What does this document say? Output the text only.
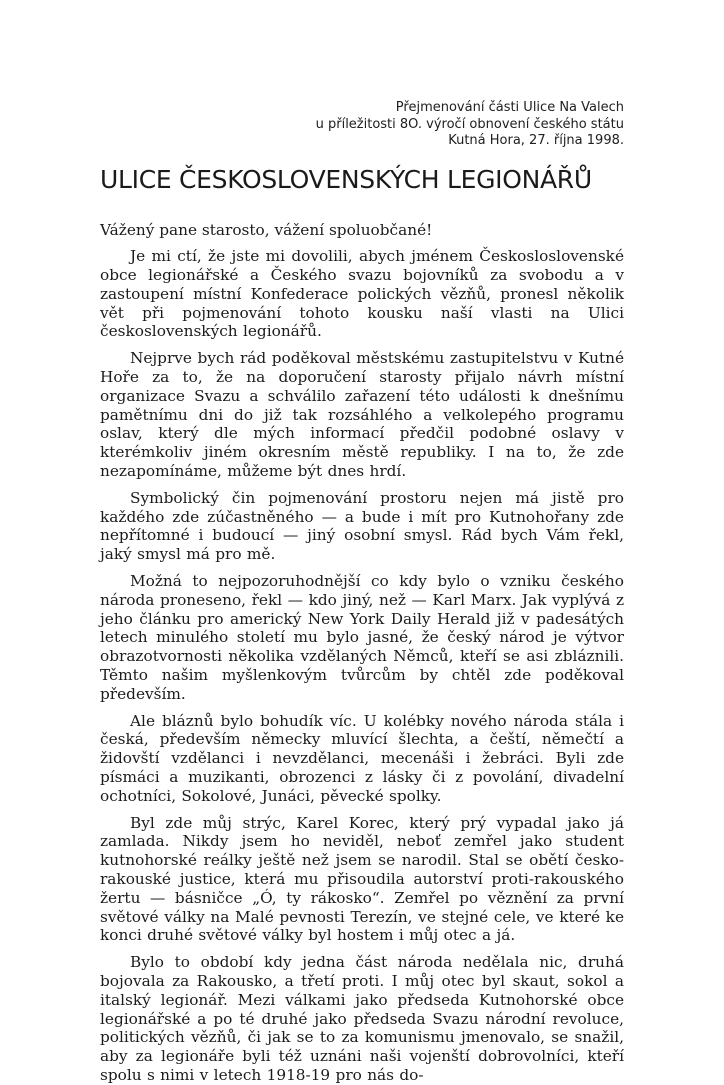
Přejmenování části Ulice Na Valech
u příležitosti 8O. výročí obnovení českého státu
Kutná Hora, 27. října 1998.
ULICE ČESKOSLOVENSKÝCH LEGIONÁŘŮ

Vážený pane starosto, vážení spoluobčané!

Je mi ctí, že jste mi dovolili, abych jménem Českosloslovenské obce legionářské a Českého svazu bojovníků za svobodu a v zastoupení místní Konfederace polických vězňů, pronesl několik vět při pojmenování tohoto kousku naší vlasti na Ulici československých legionářů.

Nejprve bych rád poděkoval městskému zastupitelstvu v Kutné Hoře za to, že na doporučení starosty přijalo návrh místní organizace Svazu a schválilo zařazení této události k dnešnímu pamětnímu dni do již tak rozsáhlého a velkolepého programu oslav, který dle mých informací předčil podobné oslavy v kterémkoliv jiném okresním městě republiky. I na to, že zde nezapomínáme, můžeme být dnes hrdí.

Symbolický čin pojmenování prostoru nejen má jistě pro každého zde zúčastněného — a bude i mít pro Kutnohořany zde nepřítomné i budoucí — jiný osobní smysl. Rád bych Vám řekl, jaký smysl má pro mě.

Možná to nejpozoruhodnější co kdy bylo o vzniku českého národa proneseno, řekl — kdo jiný, než — Karl Marx. Jak vyplývá z jeho článku pro americký New York Daily Herald již v padesátých letech minulého století mu bylo jasné, že český národ je výtvor obrazotvornosti několika vzdělaných Němců, kteří se asi zbláznili. Těmto našim myšlenkovým tvůrcům by chtěl zde poděkoval především.

Ale bláznů bylo bohudík víc. U kolébky nového národa stála i česká, především německy mluvící šlechta, a čeští, němečtí a židovští vzdělanci i nevzdělanci, mecenáši i žebráci. Byli zde písmáci a muzikanti, obrozenci z lásky či z povolání, divadelní ochotníci, Sokolové, Junáci, pěvecké spolky.

Byl zde můj strýc, Karel Korec, který prý vypadal jako já zamlada. Nikdy jsem ho neviděl, neboť zemřel jako student kutnohorské reálky ještě než jsem se narodil. Stal se obětí česko-rakouské justice, která mu přisoudila autorství proti-rakouského žertu — básničce „Ó, ty rákosko“. Zemřel po věznění za první světové války na Malé pevnosti Terezín, ve stejné cele, ve které ke konci druhé světové války byl hostem i můj otec a já.

Bylo to období kdy jedna část národa nedělala nic, druhá bojovala za Rakousko, a třetí proti. I můj otec byl skaut, sokol a italský legionář. Mezi válkami jako předseda Kutnohorské obce legionářské a po té druhé jako předseda Svazu národní revoluce, politických vězňů, či jak se to za komunismu jmenovalo, se snažil, aby za legionáře byli též uznáni naši vojenští dobrovolníci, kteří spolu s nimi v letech 1918-19 pro nás do-
